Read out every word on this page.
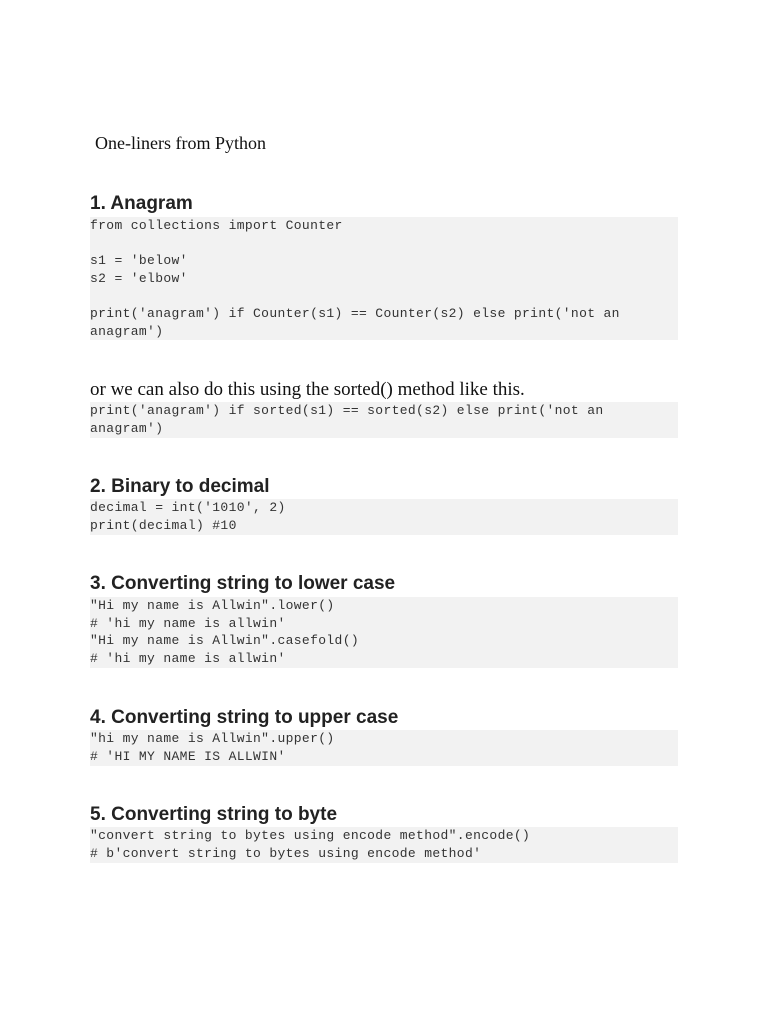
One-liners from Python
1. Anagram
from collections import Counter
s1 = 'below'
s2 = 'elbow'
print('anagram') if Counter(s1) == Counter(s2) else print('not an
anagram')

or we can also do this using the sorted() method like this.

print('anagram') if sorted(s1) == sorted(s2) else print('not an
anagram')
2. Binary to decimal
decimal = int('1010', 2)
print(decimal) #10
3. Converting string to lower case
"Hi my name is Allwin".lower()
# 'hi my name is allwin'
"Hi my name is Allwin".casefold()
# 'hi my name is allwin'
4. Converting string to upper case
"hi my name is Allwin".upper()
# 'HI MY NAME IS ALLWIN'
5. Converting string to byte
"convert string to bytes using encode method".encode()
# b'convert string to bytes using encode method'
